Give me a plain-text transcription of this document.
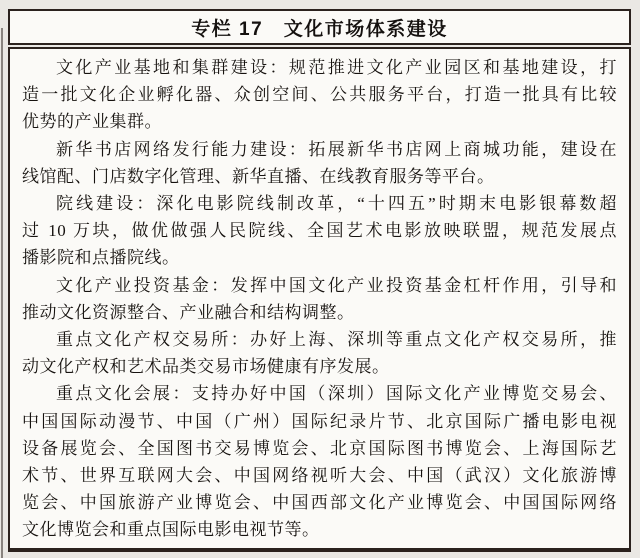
专栏 17　文化市场体系建设
文化产业基地和集群建设：规范推进文化产业园区和基地建设，打
造一批文化企业孵化器、众创空间、公共服务平台，打造一批具有比较
优势的产业集群。
新华书店网络发行能力建设：拓展新华书店网上商城功能，建设在
线馆配、门店数字化管理、新华直播、在线教育服务等平台。
院线建设：深化电影院线制改革，“十四五”时期末电影银幕数超
过 10 万块，做优做强人民院线、全国艺术电影放映联盟，规范发展点
播影院和点播院线。
文化产业投资基金：发挥中国文化产业投资基金杠杆作用，引导和
推动文化资源整合、产业融合和结构调整。
重点文化产权交易所：办好上海、深圳等重点文化产权交易所，推
动文化产权和艺术品类交易市场健康有序发展。
重点文化会展：支持办好中国（深圳）国际文化产业博览交易会、
中国国际动漫节、中国（广州）国际纪录片节、北京国际广播电影电视
设备展览会、全国图书交易博览会、北京国际图书博览会、上海国际艺
术节、世界互联网大会、中国网络视听大会、中国（武汉）文化旅游博
览会、中国旅游产业博览会、中国西部文化产业博览会、中国国际网络
文化博览会和重点国际电影电视节等。
